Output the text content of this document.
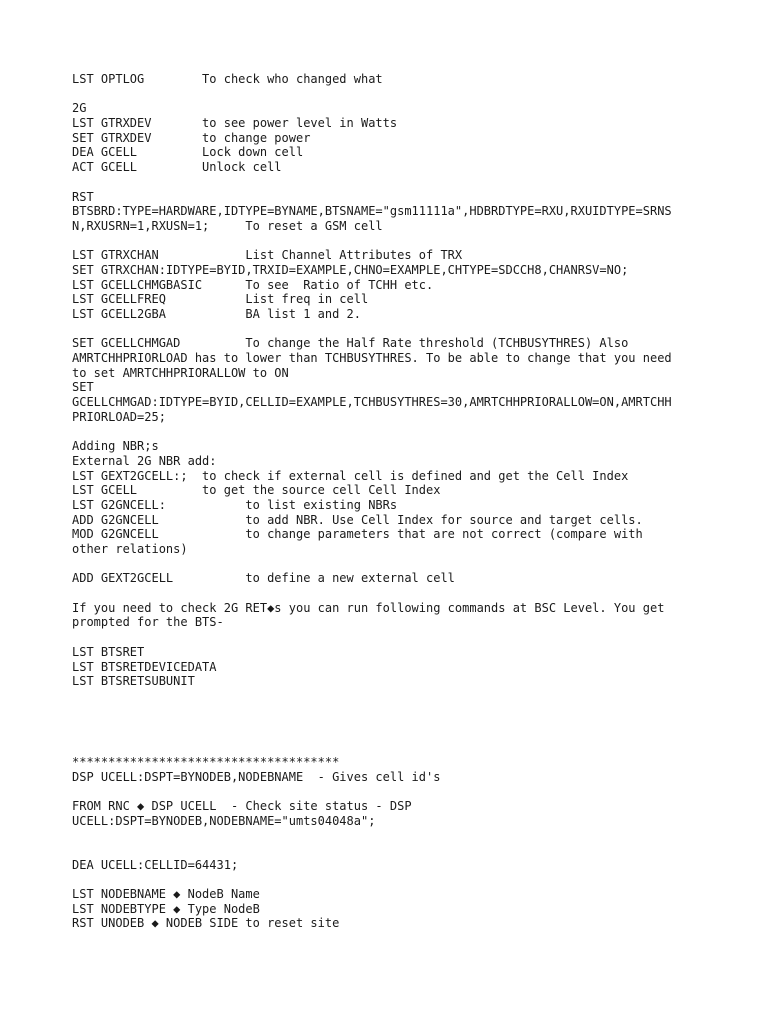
LST OPTLOG        To check who changed what
2G
LST GTRXDEV       to see power level in Watts
SET GTRXDEV       to change power
DEA GCELL         Lock down cell
ACT GCELL         Unlock cell
RST
BTSBRD:TYPE=HARDWARE,IDTYPE=BYNAME,BTSNAME="gsm11111a",HDBRDTYPE=RXU,RXUIDTYPE=SRNS
N,RXUSRN=1,RXUSN=1;     To reset a GSM cell
LST GTRXCHAN            List Channel Attributes of TRX
SET GTRXCHAN:IDTYPE=BYID,TRXID=EXAMPLE,CHNO=EXAMPLE,CHTYPE=SDCCH8,CHANRSV=NO;
LST GCELLCHMGBASIC      To see  Ratio of TCHH etc.
LST GCELLFREQ           List freq in cell
LST GCELL2GBA           BA list 1 and 2.
SET GCELLCHMGAD         To change the Half Rate threshold (TCHBUSYTHRES) Also
AMRTCHHPRIORLOAD has to lower than TCHBUSYTHRES. To be able to change that you need
to set AMRTCHHPRIORALLOW to ON
SET
GCELLCHMGAD:IDTYPE=BYID,CELLID=EXAMPLE,TCHBUSYTHRES=30,AMRTCHHPRIORALLOW=ON,AMRTCHH
PRIORLOAD=25;
Adding NBR;s
External 2G NBR add:
LST GEXT2GCELL:;  to check if external cell is defined and get the Cell Index
LST GCELL         to get the source cell Cell Index
LST G2GNCELL:           to list existing NBRs
ADD G2GNCELL            to add NBR. Use Cell Index for source and target cells.
MOD G2GNCELL            to change parameters that are not correct (compare with
other relations)
ADD GEXT2GCELL          to define a new external cell
If you need to check 2G RET◆s you can run following commands at BSC Level. You get
prompted for the BTS-
LST BTSRET
LST BTSRETDEVICEDATA
LST BTSRETSUBUNIT
*************************************
DSP UCELL:DSPT=BYNODEB,NODEBNAME  - Gives cell id's
FROM RNC ◆ DSP UCELL  - Check site status - DSP
UCELL:DSPT=BYNODEB,NODEBNAME="umts04048a";
DEA UCELL:CELLID=64431;
LST NODEBNAME ◆ NodeB Name
LST NODEBTYPE ◆ Type NodeB
RST UNODEB ◆ NODEB SIDE to reset site
